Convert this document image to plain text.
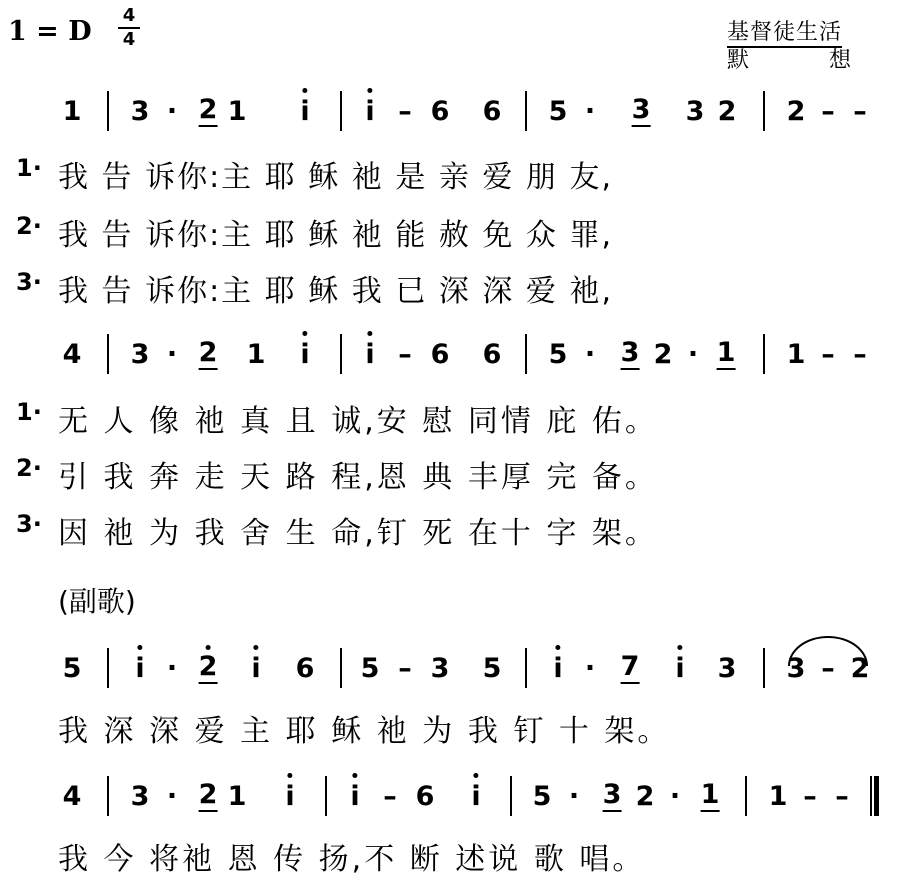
1 = D
4
4	基督徒生活
默	想
1 3 · 2 1 i i – 6 6 5 · 3 3 2 2 – –
1· 我 告 诉你:主 耶 稣 祂 是 亲 爱 朋 友,
2· 我 告 诉你:主 耶 稣 祂 能 赦 免 众 罪,
3· 我 告 诉你:主 耶 稣 我 已 深 深 爱 祂,
4 3 · 2 1 i i – 6 6 5 · 3 2 · 1 1 – –
1· 无 人 像 祂 真 且 诚,安 慰 同情 庇 佑。
2· 引 我 奔 走 天 路 程,恩 典 丰厚 完 备。
3· 因 祂 为 我 舍 生 命,钉 死 在十 字 架。
5 i · 2 i 6 5 – 3 5 i · 7 i 3 3 – 2
我 深 深 爱 主 耶 稣 祂 为 我 钉 十 架。
4 3 · 2 1 i i – 6 i 5 · 3 2 · 1 1 – –
我 今 将祂 恩 传 扬,不 断 述说 歌 唱。
(副歌)
